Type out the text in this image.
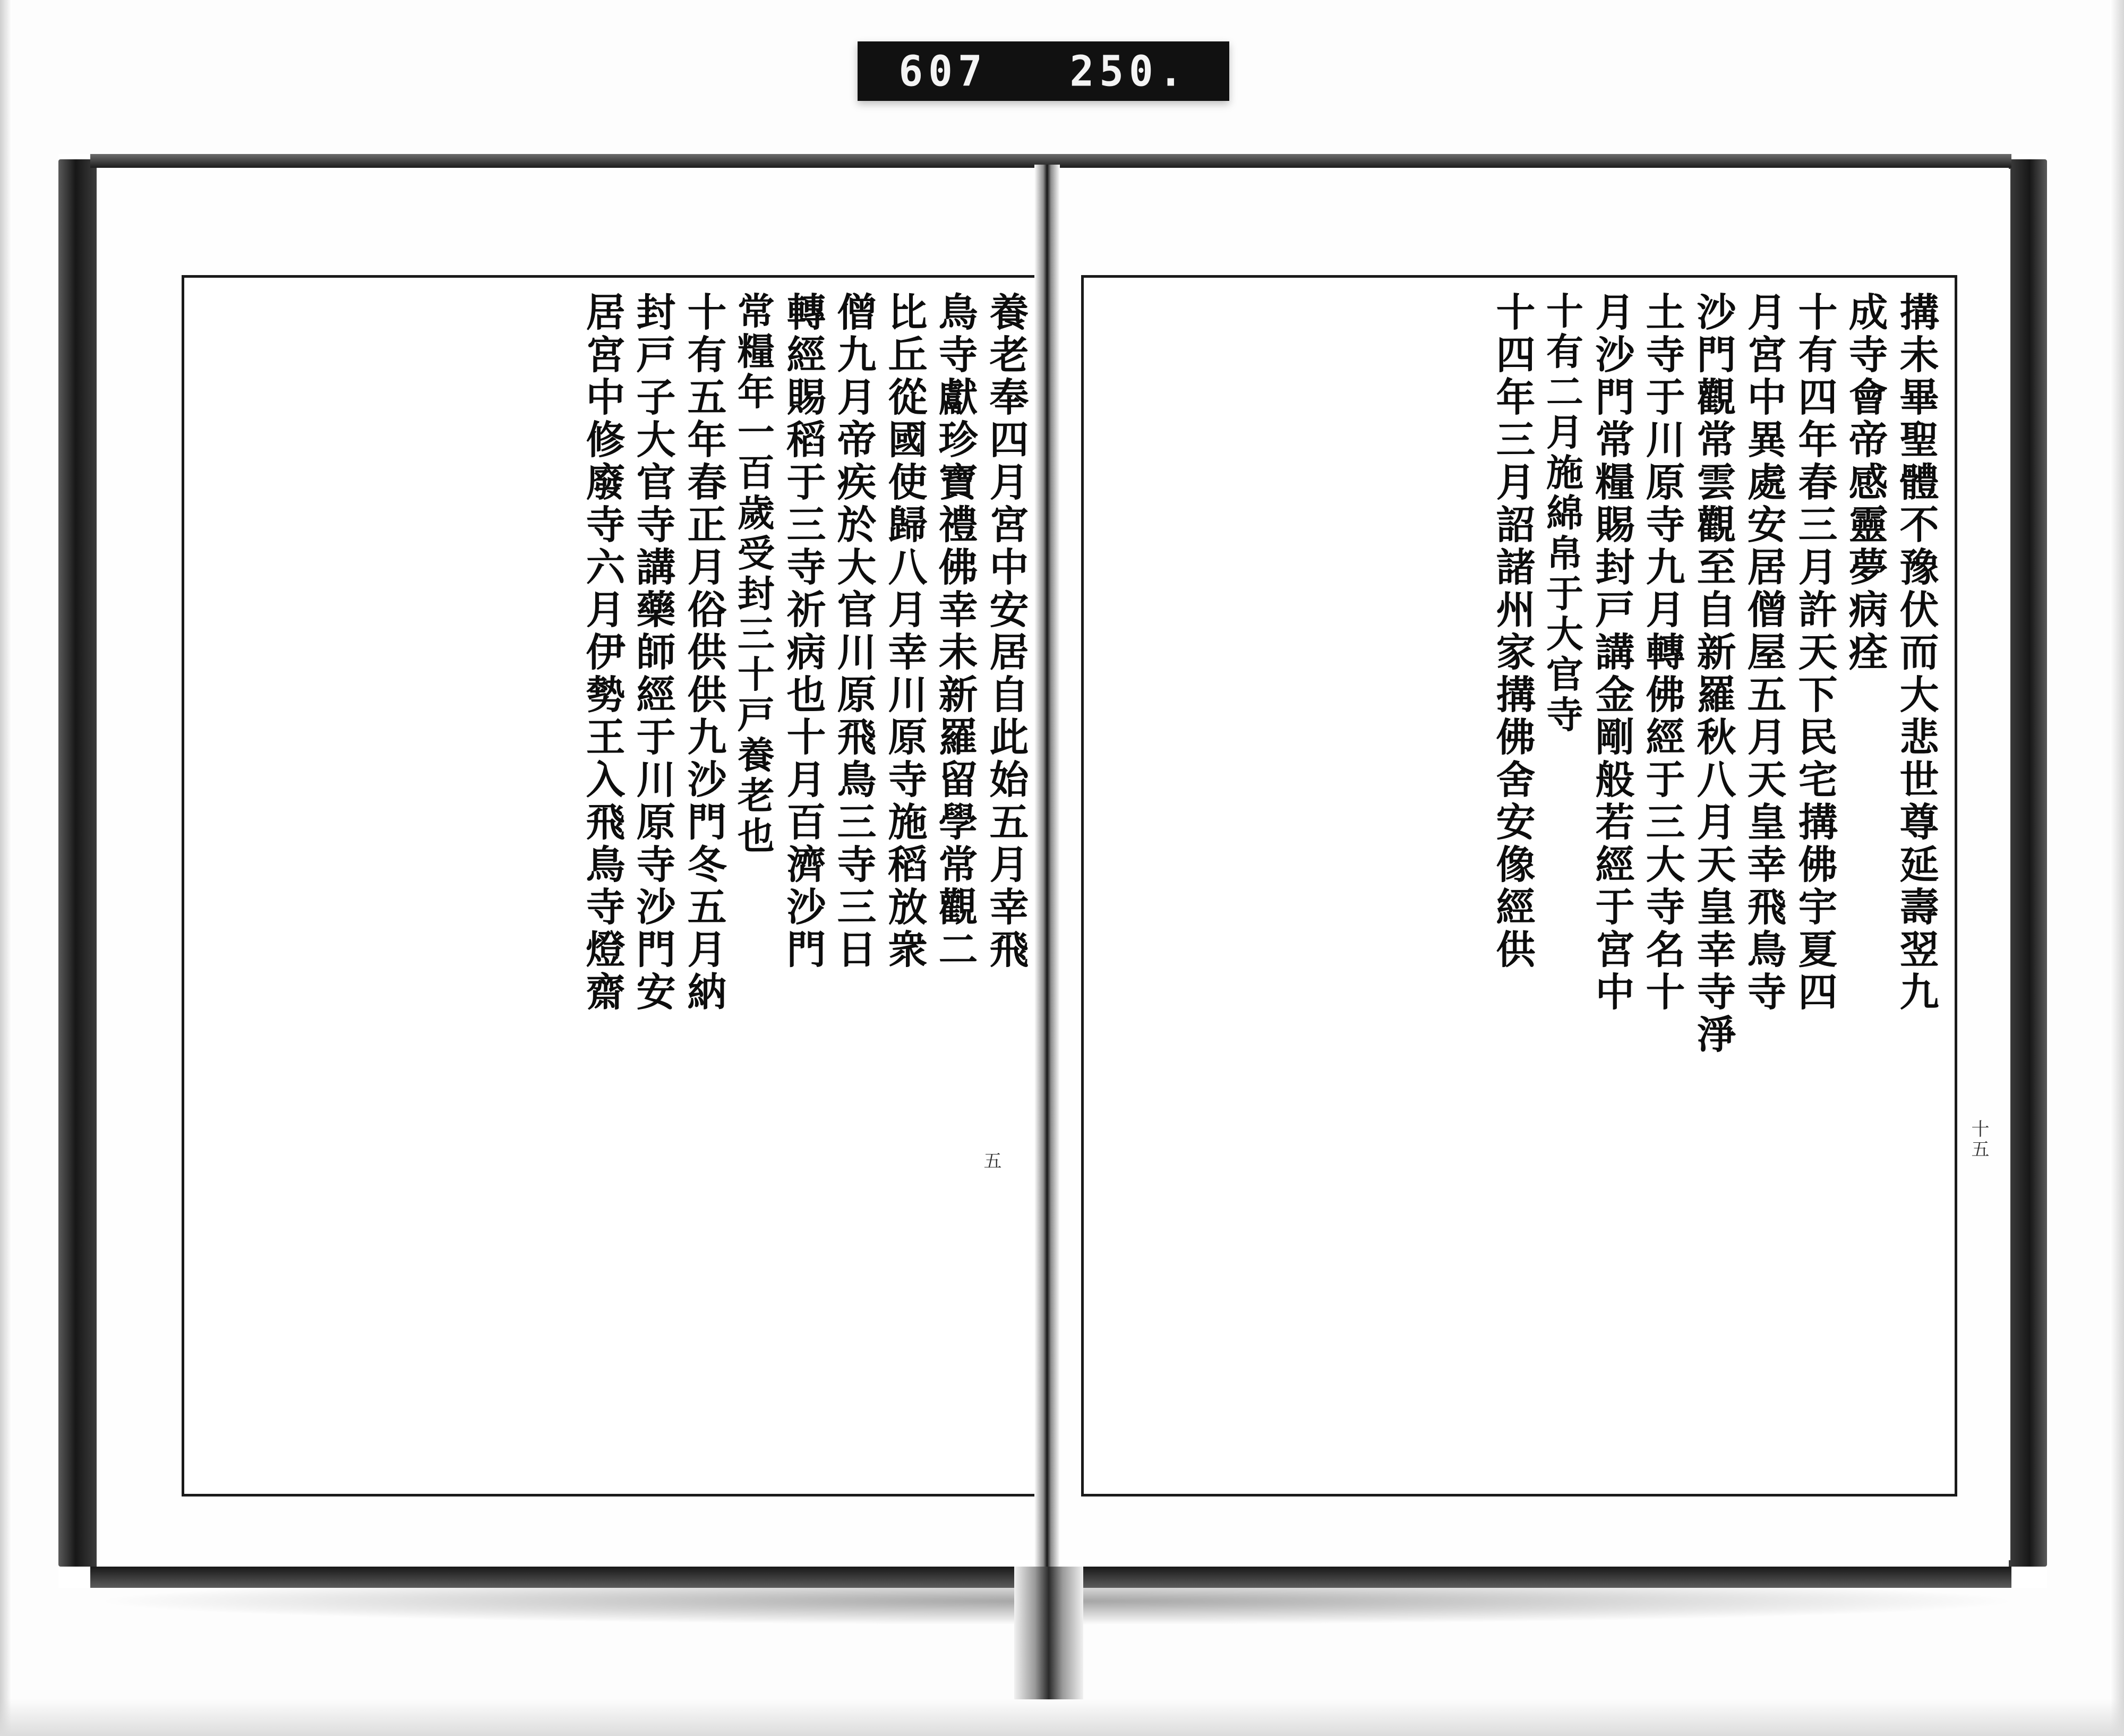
607 250.
養老奉四月宮中安居自此始五月幸飛
鳥寺獻珍寶禮佛幸未新羅留學常觀二
比丘從國使歸八月幸川原寺施稻放衆
僧九月帝疾於大官川原飛鳥三寺三日
轉經賜稻于三寺祈病也十月百濟沙門
常糧年一百歲受封三十戸養老也
十有五年春正月俗供供九沙門冬五月納
封戸子大官寺講藥師經于川原寺沙門安
居宮中修廢寺六月伊勢王入飛鳥寺燈齋
五
搆未畢聖體不豫伏而大悲世尊延壽翌九
成寺會帝感靈夢病痊
十有四年春三月許天下民宅搆佛宇夏四
月宮中異處安居僧屋五月天皇幸飛鳥寺
沙門觀常雲觀至自新羅秋八月天皇幸寺淨
土寺于川原寺九月轉佛經于三大寺名十
月沙門常糧賜封戸講金剛般若經于宮中
十有二月施綿帛于大官寺
十四年三月詔諸州家搆佛舍安像經供
十五
